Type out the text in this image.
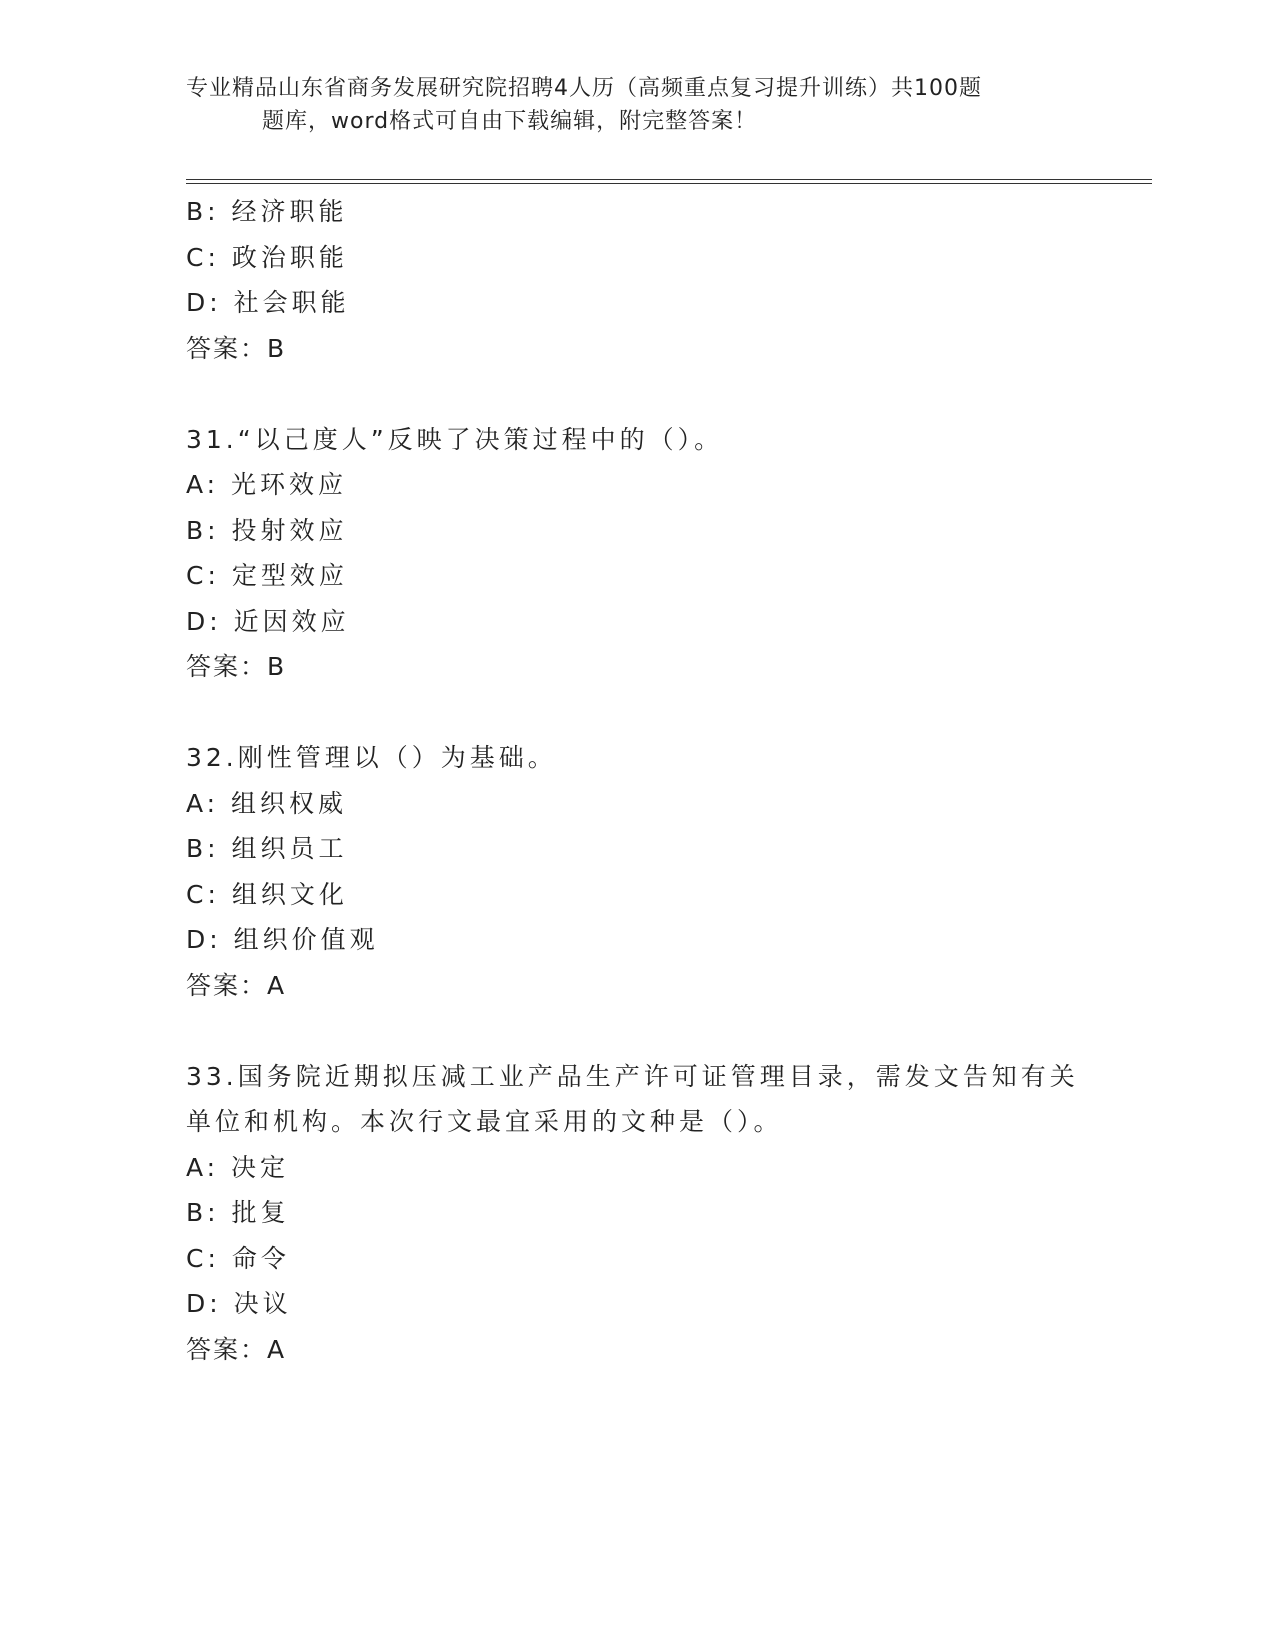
专业精品山东省商务发展研究院招聘4人历（高频重点复习提升训练）共100题
题库，word格式可自由下载编辑，附完整答案！
B: 经济职能
C: 政治职能
D: 社会职能
答案：B
31.“以己度人”反映了决策过程中的（）。
A: 光环效应
B: 投射效应
C: 定型效应
D: 近因效应
答案：B
32.刚性管理以（）为基础。
A: 组织权威
B: 组织员工
C: 组织文化
D: 组织价值观
答案：A
33.国务院近期拟压减工业产品生产许可证管理目录，需发文告知有关单位和机构。本次行文最宜采用的文种是（）。
A: 决定
B: 批复
C: 命令
D: 决议
答案：A
